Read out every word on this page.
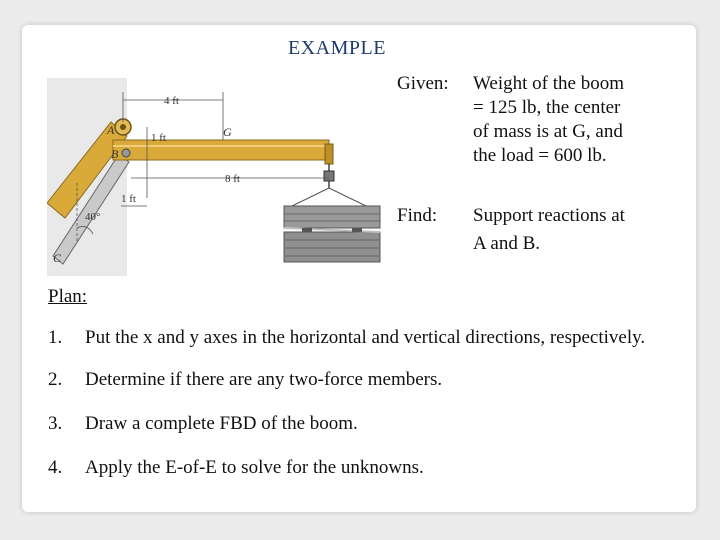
EXAMPLE
4 ft
1 ft
8 ft
1 ft
40°
A
B
G
C
Given:	Weight of the boom
= 125 lb, the center
of mass is at G, and
the load = 600 lb.
Find:	Support reactions at
A and B.
Plan:
1.	Put the x and y axes in the horizontal and vertical directions, respectively.
2.	Determine if there are any two-force members.
3.	Draw a complete FBD of the boom.
4.	Apply the E-of-E to solve for the unknowns.
